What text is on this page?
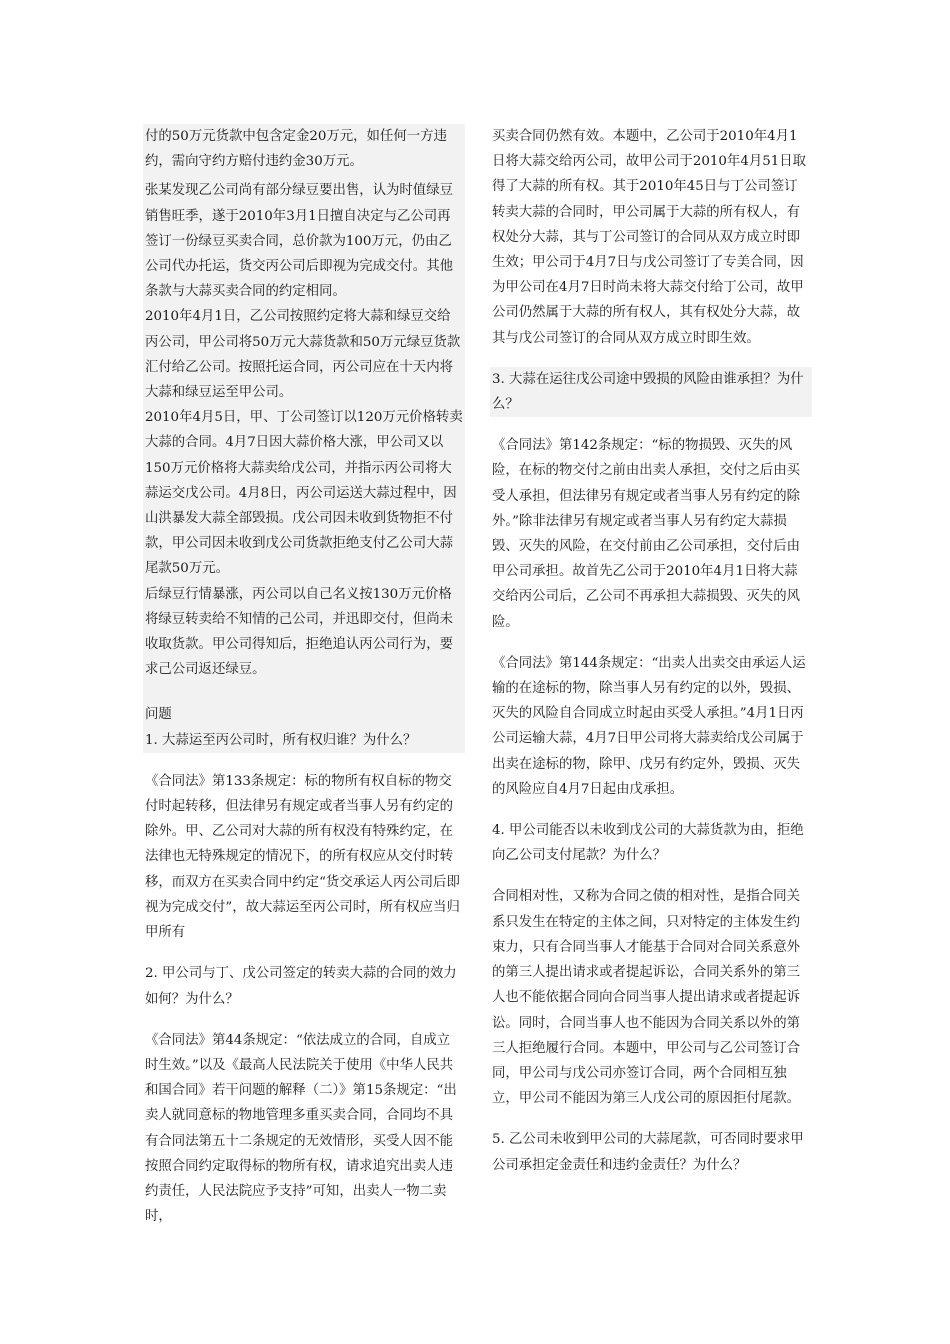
付的50万元货款中包含定金20万元，如任何一方违约，需向守约方赔付违约金30万元。

张某发现乙公司尚有部分绿豆要出售，认为时值绿豆销售旺季，遂于2010年3月1日擅自决定与乙公司再签订一份绿豆买卖合同，总价款为100万元，仍由乙公司代办托运，货交丙公司后即视为完成交付。其他条款与大蒜买卖合同的约定相同。

2010年4月1日，乙公司按照约定将大蒜和绿豆交给丙公司，甲公司将50万元大蒜货款和50万元绿豆货款汇付给乙公司。按照托运合同，丙公司应在十天内将大蒜和绿豆运至甲公司。

2010年4月5日，甲、丁公司签订以120万元价格转卖大蒜的合同。4月7日因大蒜价格大涨，甲公司又以150万元价格将大蒜卖给戊公司，并指示丙公司将大蒜运交戊公司。4月8日，丙公司运送大蒜过程中，因山洪暴发大蒜全部毁损。戊公司因未收到货物拒不付款，甲公司因未收到戊公司货款拒绝支付乙公司大蒜尾款50万元。

后绿豆行情暴涨，丙公司以自己名义按130万元价格将绿豆转卖给不知情的己公司，并迅即交付，但尚未收取货款。甲公司得知后，拒绝追认丙公司行为，要求己公司返还绿豆。

问题

1. 大蒜运至丙公司时，所有权归谁？为什么？

《合同法》第133条规定：标的物所有权自标的物交付时起转移，但法律另有规定或者当事人另有约定的除外。甲、乙公司对大蒜的所有权没有特殊约定，在法律也无特殊规定的情况下，的所有权应从交付时转移，而双方在买卖合同中约定“货交承运人丙公司后即视为完成交付”，故大蒜运至丙公司时，所有权应当归甲所有

2. 甲公司与丁、戊公司签定的转卖大蒜的合同的效力如何？为什么？

《合同法》第44条规定：“依法成立的合同，自成立时生效。”以及《最高人民法院关于使用《中华人民共和国合同》若干问题的解释（二）》第15条规定：“出卖人就同意标的物地管理多重买卖合同，合同均不具有合同法第五十二条规定的无效情形，买受人因不能按照合同约定取得标的物所有权，请求追究出卖人违约责任，人民法院应予支持”可知，出卖人一物二卖时，

买卖合同仍然有效。本题中，乙公司于2010年4月1日将大蒜交给丙公司，故甲公司于2010年4月51日取得了大蒜的所有权。其于2010年45日与丁公司签订转卖大蒜的合同时，甲公司属于大蒜的所有权人，有权处分大蒜，其与丁公司签订的合同从双方成立时即生效；甲公司于4月7日与戊公司签订了专美合同，因为甲公司在4月7日时尚未将大蒜交付给丁公司，故甲公司仍然属于大蒜的所有权人，其有权处分大蒜，故其与戊公司签订的合同从双方成立时即生效。

3. 大蒜在运往戊公司途中毁损的风险由谁承担？为什么？

《合同法》第142条规定：“标的物损毁、灭失的风险，在标的物交付之前由出卖人承担，交付之后由买受人承担，但法律另有规定或者当事人另有约定的除外。”除非法律另有规定或者当事人另有约定大蒜损毁、灭失的风险，在交付前由乙公司承担，交付后由甲公司承担。故首先乙公司于2010年4月1日将大蒜交给丙公司后，乙公司不再承担大蒜损毁、灭失的风险。

《合同法》第144条规定：“出卖人出卖交由承运人运输的在途标的物，除当事人另有约定的以外，毁损、灭失的风险自合同成立时起由买受人承担。”4月1日丙公司运输大蒜，4月7日甲公司将大蒜卖给戊公司属于出卖在途标的物，除甲、戊另有约定外，毁损、灭失的风险应自4月7日起由戊承担。

4. 甲公司能否以未收到戊公司的大蒜货款为由，拒绝向乙公司支付尾款？为什么？

合同相对性，又称为合同之债的相对性，是指合同关系只发生在特定的主体之间，只对特定的主体发生约束力，只有合同当事人才能基于合同对合同关系意外的第三人提出请求或者提起诉讼，合同关系外的第三人也不能依据合同向合同当事人提出请求或者提起诉讼。同时，合同当事人也不能因为合同关系以外的第三人拒绝履行合同。本题中，甲公司与乙公司签订合同，甲公司与戊公司亦签订合同，两个合同相互独立，甲公司不能因为第三人戊公司的原因拒付尾款。

5. 乙公司未收到甲公司的大蒜尾款，可否同时要求甲公司承担定金责任和违约金责任？为什么？
